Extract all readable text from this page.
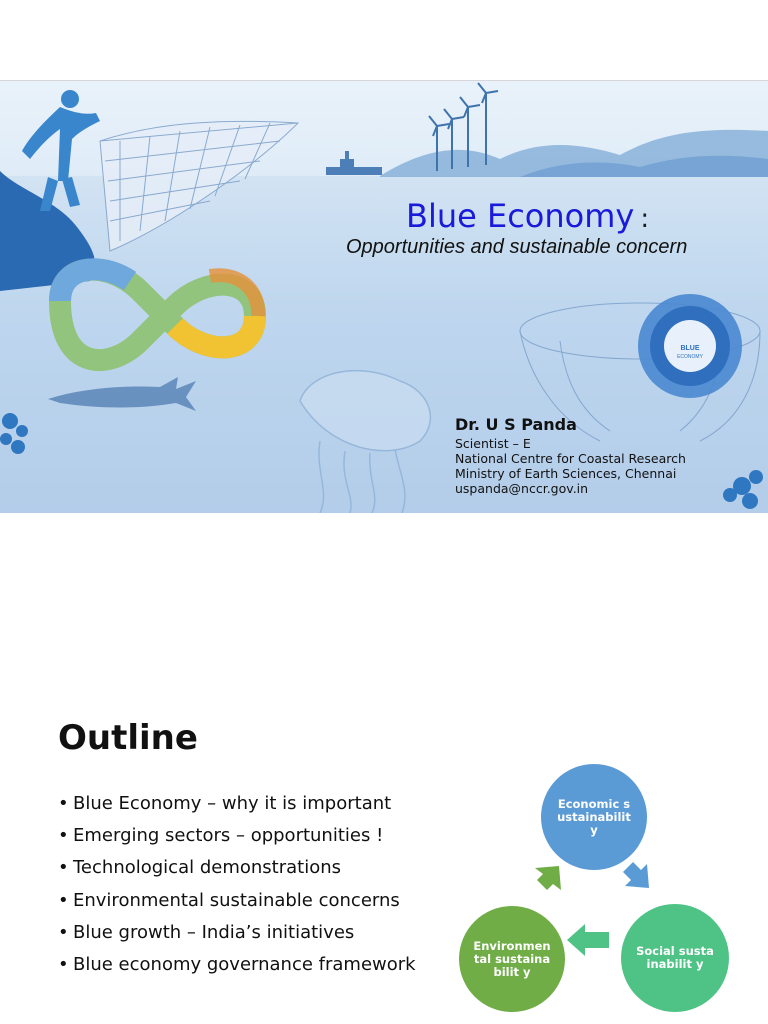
BLUE
ECONOMY
Blue Economy :
Opportunities and sustainable concern
Dr. U S Panda
Scientist – E
National Centre for Coastal Research
Ministry of Earth Sciences, Chennai
uspanda@nccr.gov.in
Outline
• Blue Economy – why it is important
• Emerging sectors – opportunities !
• Technological demonstrations
• Environmental sustainable concerns
• Blue growth – India’s initiatives
• Blue economy governance framework
Economic sustainabilit y
Social sustainabilit y
Environmen tal sustainabilit y
